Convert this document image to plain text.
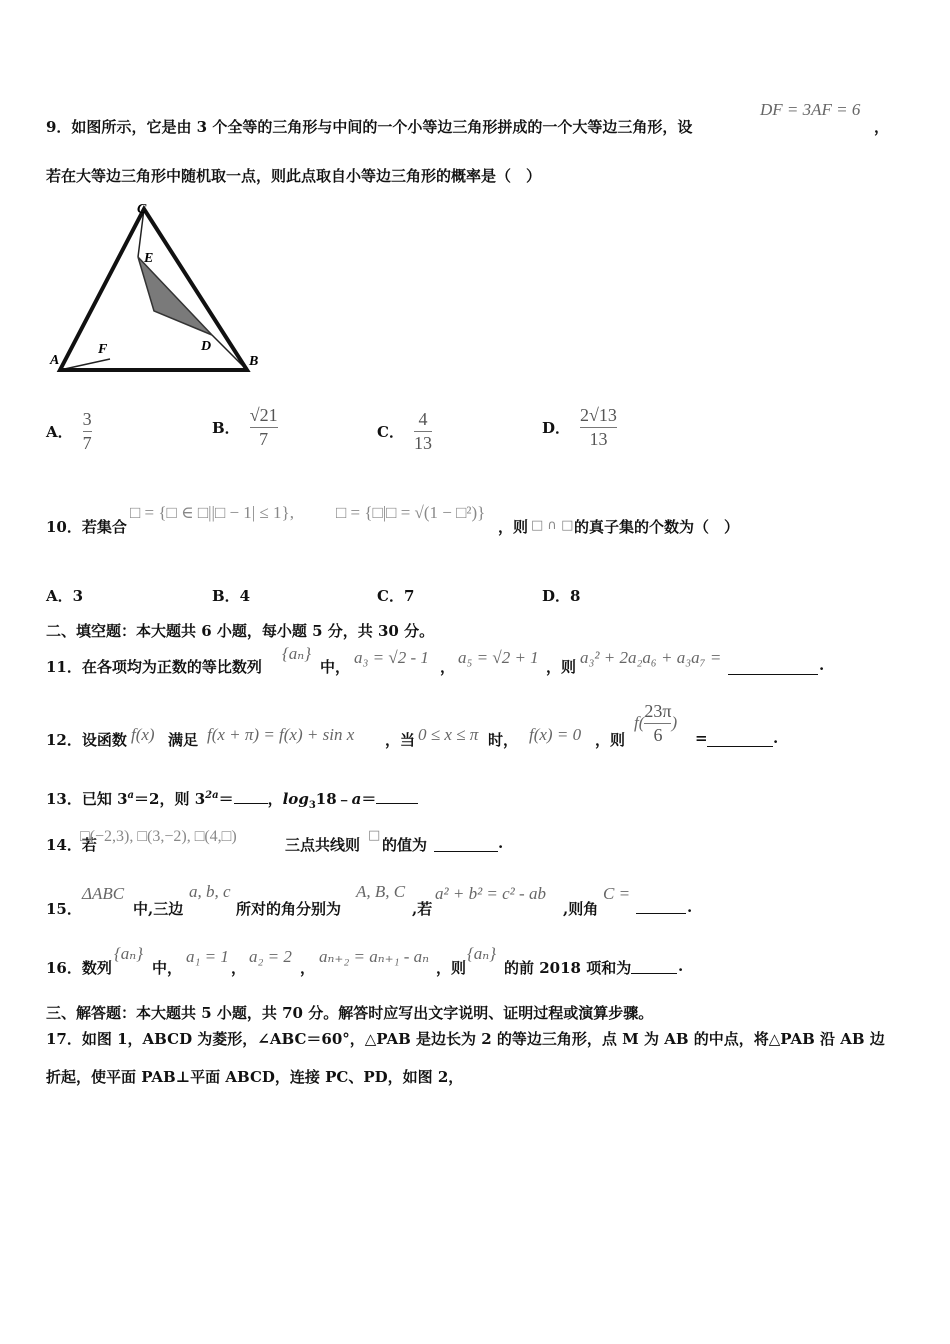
9．如图所示，它是由 3 个全等的三角形与中间的一个小等边三角形拼成的一个大等边三角形，设
DF = 3AF = 6
，
若在大等边三角形中随机取一点，则此点取自小等边三角形的概率是（　）
C
E
A
F	D
B
A． $\frac{3}{7}$	B． $\frac{√21}{7}$	C． $\frac{4}{13}$	D． $\frac{2√13}{13}$
10．若集合
□ = {□ ∈ □||□ − 1| ≤ 1}, □ = {□|□ = √(1 − □²)}
，则 □ ∩ □ 的真子集的个数为（　）
A．3	B．4	C．7	D．8
二、填空题：本大题共 6 小题，每小题 5 分，共 30 分。
11．在各项均为正数的等比数列
{aₙ}
中， a₃ = √2 - 1 ， a₅ = √2 + 1 ，则 a₃² + 2a₂a₆ + a₃a₇ =	.
12．设函数 f(x) 满足 f(x + π) = f(x) + sin x ，当 0 ≤ x ≤ π 时， f(x) = 0 ，则
$f( \frac{23\pi}{6}$ )
=	.
13．已知 $3^a=2$，则 $3^{2a}=$ ，$\log_318﹣a=$
14．若
□(−2,3), □(3,−2), □(4,□)	三点共线则
□
的值为	.
15．
ΔABC
中,三边
a, b, c
所对的角分别为
A, B, C
,若
a² + b² = c² - ab
,则角
C =
.
16．数列
{aₙ}
中，
a₁ = 1
，
a₂ = 2
，
aₙ₊₂ = aₙ₊₁ - aₙ
，则
{aₙ}
的前 2018 项和为	.
三、解答题：本大题共 5 小题，共 70 分。解答时应写出文字说明、证明过程或演算步骤。
17．如图 1，ABCD 为菱形，∠ABC＝60°，△PAB 是边长为 2 的等边三角形，点 M 为 AB 的中点，将△PAB 沿 AB 边
折起，使平面 PAB⊥平面 ABCD，连接 PC、PD，如图 2，
